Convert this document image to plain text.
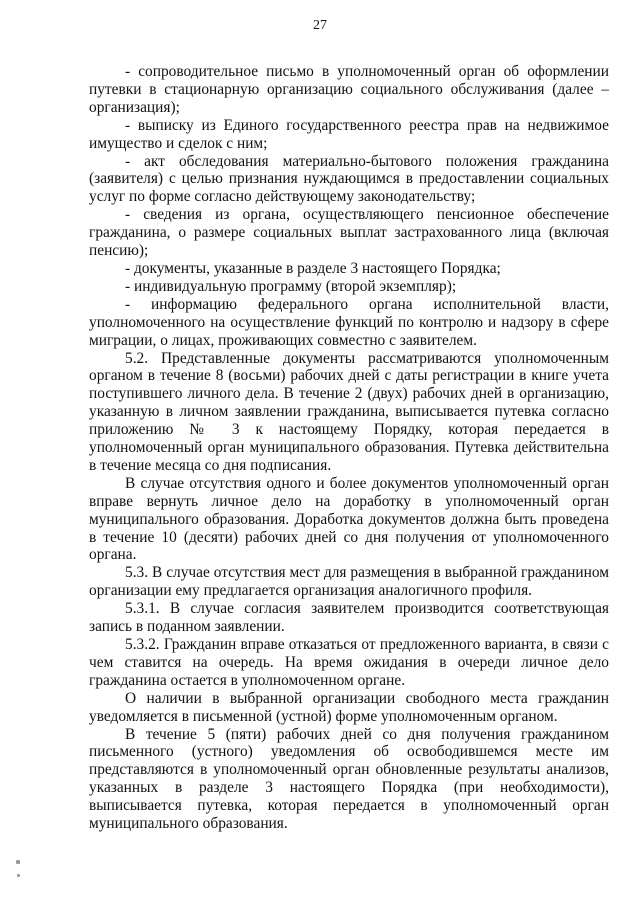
27

- сопроводительное письмо в уполномоченный орган об оформлении путевки в стационарную организацию социального обслуживания (далее – организация);

- выписку из Единого государственного реестра прав на недвижимое имущество и сделок с ним;

- акт обследования материально-бытового положения гражданина (заявителя) с целью признания нуждающимся в предоставлении социальных услуг по форме согласно действующему законодательству;

- сведения из органа, осуществляющего пенсионное обеспечение гражданина, о размере социальных выплат застрахованного лица (включая пенсию);

- документы, указанные в разделе 3 настоящего Порядка;

- индивидуальную программу (второй экземпляр);

- информацию федерального органа исполнительной власти, уполномоченного на осуществление функций по контролю и надзору в сфере миграции, о лицах, проживающих совместно с заявителем.

5.2. Представленные документы рассматриваются уполномоченным органом в течение 8 (восьми) рабочих дней с даты регистрации в книге учета поступившего личного дела. В течение 2 (двух) рабочих дней в организацию, указанную в личном заявлении гражданина, выписывается путевка согласно приложению № 3 к настоящему Порядку, которая передается в уполномоченный орган муниципального образования. Путевка действительна в течение месяца со дня подписания.

В случае отсутствия одного и более документов уполномоченный орган вправе вернуть личное дело на доработку в уполномоченный орган муниципального образования. Доработка документов должна быть проведена в течение 10 (десяти) рабочих дней со дня получения от уполномоченного органа.

5.3. В случае отсутствия мест для размещения в выбранной гражданином организации ему предлагается организация аналогичного профиля.

5.3.1. В случае согласия заявителем производится соответствующая запись в поданном заявлении.

5.3.2. Гражданин вправе отказаться от предложенного варианта, в связи с чем ставится на очередь. На время ожидания в очереди личное дело гражданина остается в уполномоченном органе.

О наличии в выбранной организации свободного места гражданин уведомляется в письменной (устной) форме уполномоченным органом.

В течение 5 (пяти) рабочих дней со дня получения гражданином письменного (устного) уведомления об освободившемся месте им представляются в уполномоченный орган обновленные результаты анализов, указанных в разделе 3 настоящего Порядка (при необходимости), выписывается путевка, которая передается в уполномоченный орган муниципального образования.
